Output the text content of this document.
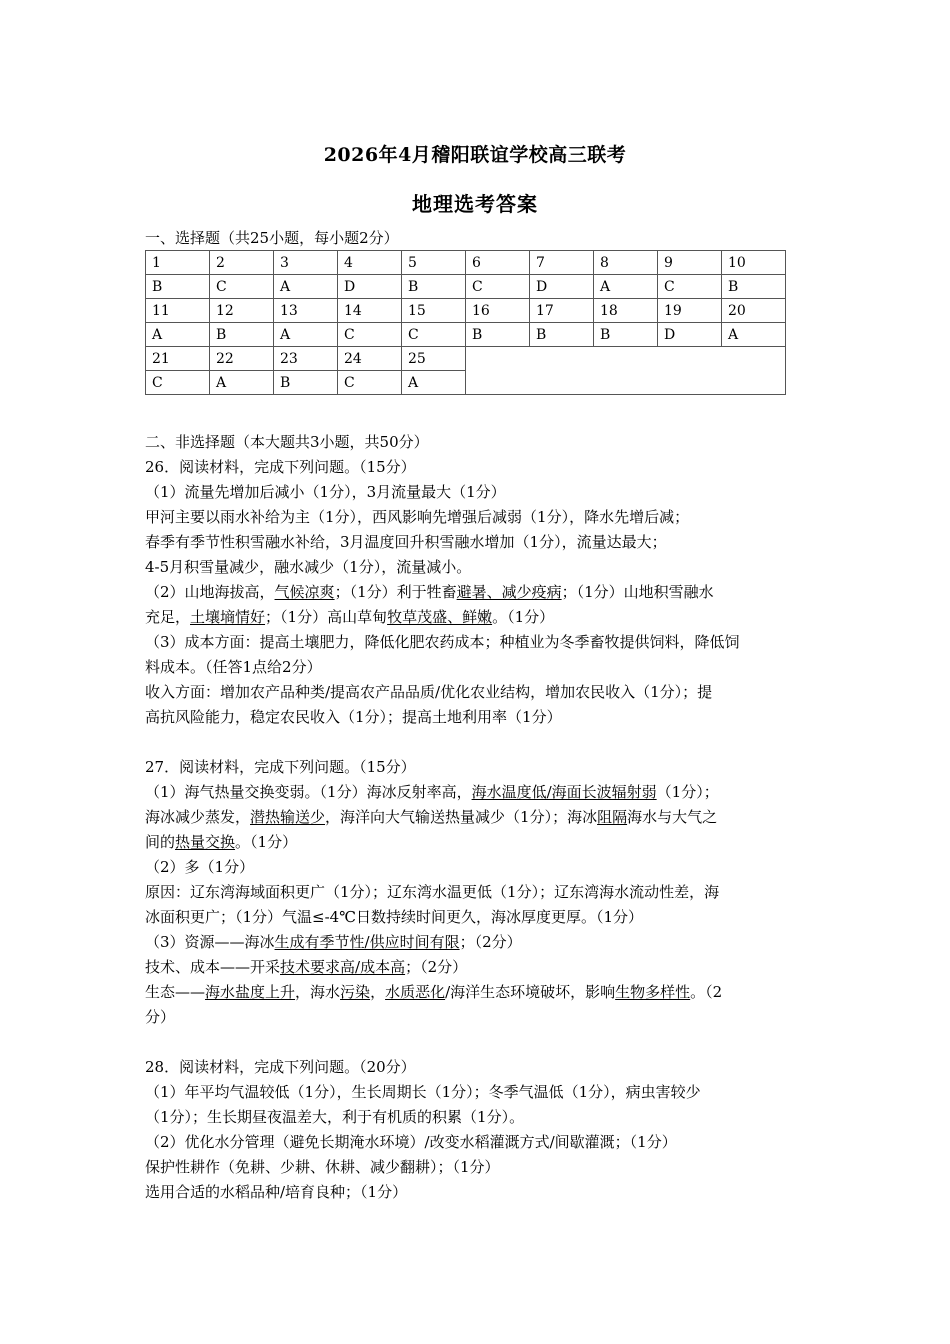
2026年4月稽阳联谊学校高三联考
地理选考答案
一、选择题（共25小题，每小题2分）
1	2	3	4	5	6	7	8	9	10
B	C	A	D	B	C	D	A	C	B
11	12	13	14	15	16	17	18	19	20
A	B	A	C	C	B	B	B	D	A
21	22	23	24	25					
C	A	B	C	A					
二、非选择题（本大题共3小题，共50分）
26．阅读材料，完成下列问题。（15分）
（1）流量先增加后减小（1分），3月流量最大（1分）
甲河主要以雨水补给为主（1分），西风影响先增强后减弱（1分），降水先增后减；
春季有季节性积雪融水补给，3月温度回升积雪融水增加（1分），流量达最大；
4-5月积雪量减少，融水减少（1分），流量减小。
（2）山地海拔高，气候凉爽；（1分）利于牲畜避暑、减少疫病；（1分）山地积雪融水
充足，土壤墒情好；（1分）高山草甸牧草茂盛、鲜嫩。（1分）
（3）成本方面：提高土壤肥力，降低化肥农药成本；种植业为冬季畜牧提供饲料，降低饲
料成本。（任答1点给2分）
收入方面：增加农产品种类/提高农产品品质/优化农业结构，增加农民收入（1分）；提
高抗风险能力，稳定农民收入（1分）；提高土地利用率（1分）
27．阅读材料，完成下列问题。（15分）
（1）海气热量交换变弱。（1分）海冰反射率高，海水温度低/海面长波辐射弱（1分）；
海冰减少蒸发，潜热输送少，海洋向大气输送热量减少（1分）；海冰阻隔海水与大气之
间的热量交换。（1分）
（2）多（1分）
原因：辽东湾海域面积更广（1分）；辽东湾水温更低（1分）；辽东湾海水流动性差，海
冰面积更广；（1分）气温≤-4℃日数持续时间更久，海冰厚度更厚。（1分）
（3）资源——海冰生成有季节性/供应时间有限；（2分）
技术、成本——开采技术要求高/成本高；（2分）
生态——海水盐度上升，海水污染，水质恶化/海洋生态环境破坏，影响生物多样性。（2
分）
28．阅读材料，完成下列问题。（20分）
（1）年平均气温较低（1分），生长周期长（1分）；冬季气温低（1分），病虫害较少
（1分）；生长期昼夜温差大，利于有机质的积累（1分）。
（2）优化水分管理（避免长期淹水环境）/改变水稻灌溉方式/间歇灌溉；（1分）
保护性耕作（免耕、少耕、休耕、减少翻耕）；（1分）
选用合适的水稻品种/培育良种；（1分）
